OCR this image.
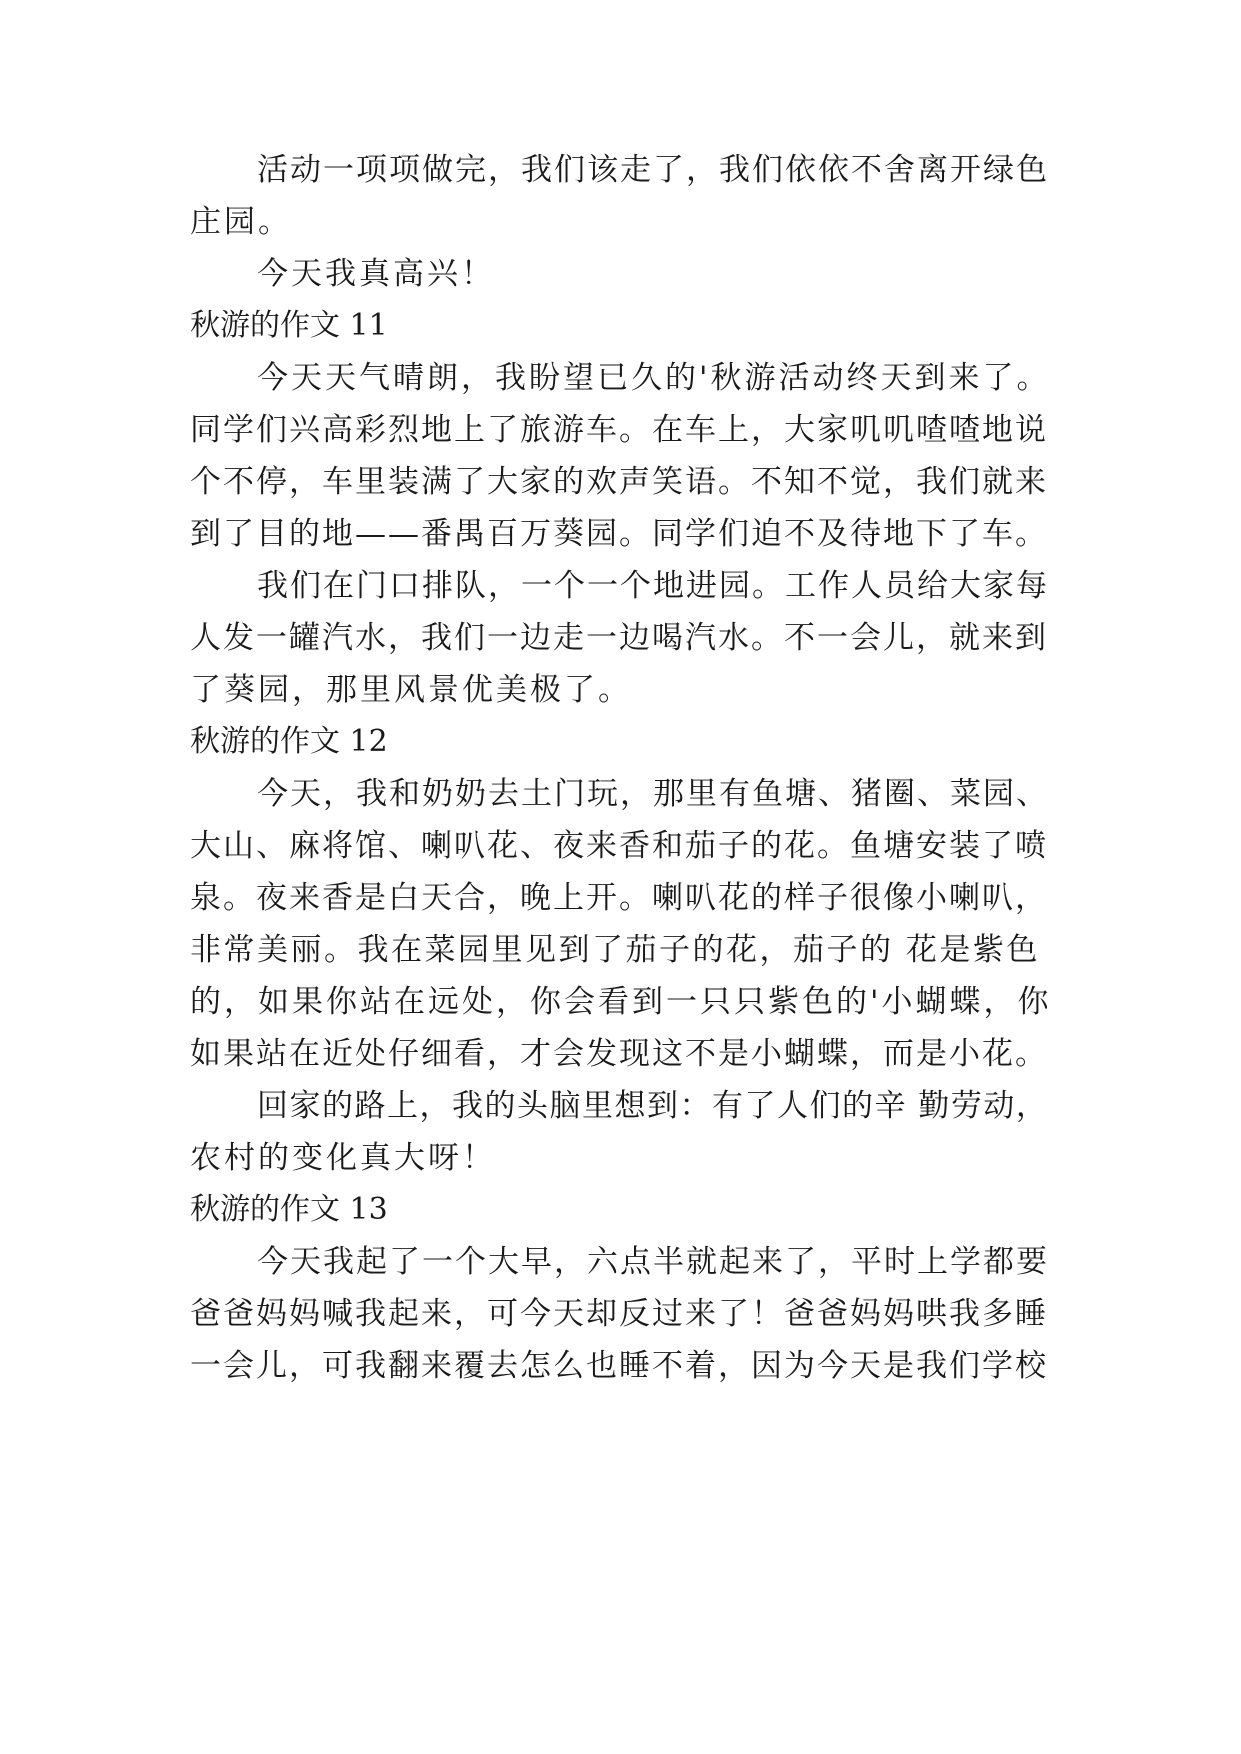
活动一项项做完，我们该走了，我们依依不舍离开绿色
庄园。
今天我真高兴！
秋游的作文 11
今天天气晴朗，我盼望已久的'秋游活动终天到来了。
同学们兴高彩烈地上了旅游车。在车上，大家叽叽喳喳地说
个不停，车里装满了大家的欢声笑语。不知不觉，我们就来
到了目的地——番禺百万葵园。同学们迫不及待地下了车。
我们在门口排队，一个一个地进园。工作人员给大家每
人发一罐汽水，我们一边走一边喝汽水。不一会儿，就来到
了葵园，那里风景优美极了。
秋游的作文 12
今天，我和奶奶去土门玩，那里有鱼塘、猪圈、菜园、
大山、麻将馆、喇叭花、夜来香和茄子的花。鱼塘安装了喷
泉。夜来香是白天合，晚上开。喇叭花的样子很像小喇叭，
非常美丽。我在菜园里见到了茄子的花，茄子的 花是紫色
的，如果你站在远处，你会看到一只只紫色的'小蝴蝶，你
如果站在近处仔细看，才会发现这不是小蝴蝶，而是小花。
回家的路上，我的头脑里想到：有了人们的辛 勤劳动，
农村的变化真大呀！
秋游的作文 13
今天我起了一个大早，六点半就起来了，平时上学都要
爸爸妈妈喊我起来，可今天却反过来了！爸爸妈妈哄我多睡
一会儿，可我翻来覆去怎么也睡不着，因为今天是我们学校
